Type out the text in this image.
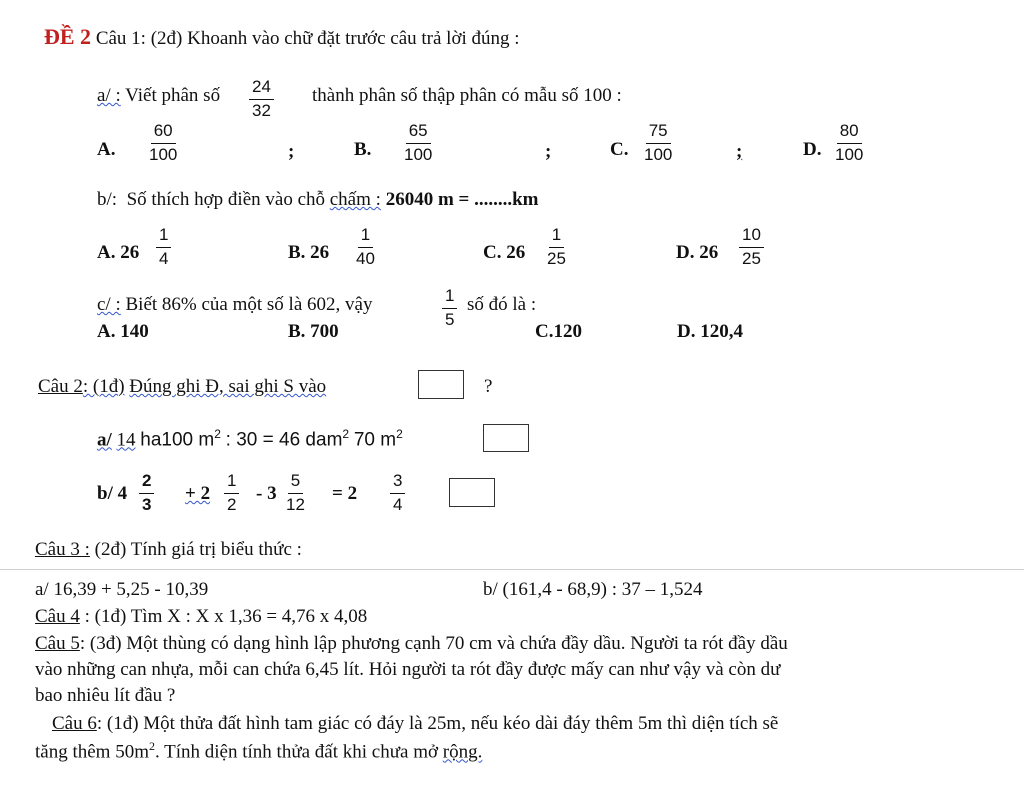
ĐỀ 2 Câu 1: (2đ) Khoanh vào chữ đặt trước câu trả lời đúng :
a/ : Viết phân số $\frac{24}{32}$ thành phân số thập phân có mẫu số 100 :
A. $\frac{60}{100}$	;	B. $\frac{65}{100}$	;	C. $\frac{75}{100}$	;	D. $\frac{80}{100}$
b/: Số thích hợp điền vào chỗ chấm : 26040 m = ........km
A. $26 \frac{1}{4}$	B. $26 \frac{1}{40}$	C. $26 \frac{1}{25}$	D. $26 \frac{10}{25}$
c/ : Biết 86% của một số là 602, vậy	$\frac{1}{5}$ số đó là :
A. 140	B. 700	C.120	D. 120,4
Câu 2: (1đ) Đúng ghi Đ, sai ghi S vào	?
a/ 14 ha100 $m^2$ : 30 = 46 dam$^2$ 70 $m^2$
b/ $4 \frac{2}{3} + 2 \frac{1}{2} - 3 \frac{5}{12} = 2 \frac{3}{4}$
Câu 3 : (2đ) Tính giá trị biểu thức :
a/ 16,39 + 5,25 - 10,39	b/ (161,4 - 68,9) : 37 – 1,524
Câu 4 : (1đ) Tìm X : X x 1,36 = 4,76 x 4,08
Câu 5: (3đ) Một thùng có dạng hình lập phương cạnh 70 cm và chứa đầy dầu. Người ta rót đầy dầu
vào những can nhựa, mỗi can chứa 6,45 lít. Hỏi người ta rót đầy được mấy can như vậy và còn dư
bao nhiêu lít đầu ?
Câu 6: (1đ) Một thửa đất hình tam giác có đáy là 25m, nếu kéo dài đáy thêm 5m thì diện tích sẽ
tăng thêm $50m^2$. Tính diện tính thửa đất khi chưa mở rộng.
